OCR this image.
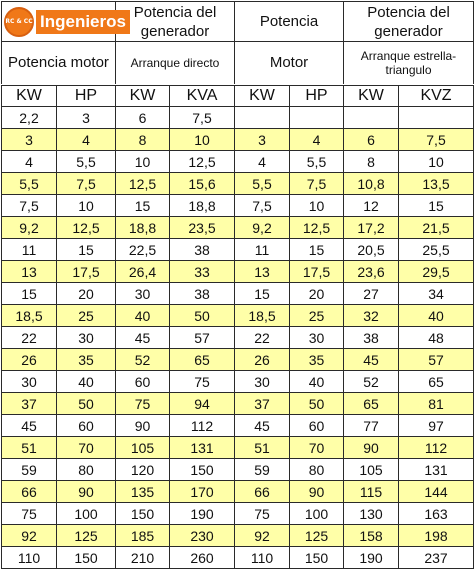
RC & CC Ingenieros		Potencia del generador		Potencia		Potencia del generador	

Potencia motor		Arranque directo		Motor		Arranque estrella-triangulo	

KW	HP	KW	KVA	KW	HP	KW	KVZ
2,2	3	6	7,5				
3	4	8	10	3	4	6	7,5
4	5,5	10	12,5	4	5,5	8	10
5,5	7,5	12,5	15,6	5,5	7,5	10,8	13,5
7,5	10	15	18,8	7,5	10	12	15
9,2	12,5	18,8	23,5	9,2	12,5	17,2	21,5
11	15	22,5	38	11	15	20,5	25,5
13	17,5	26,4	33	13	17,5	23,6	29,5
15	20	30	38	15	20	27	34
18,5	25	40	50	18,5	25	32	40
22	30	45	57	22	30	38	48
26	35	52	65	26	35	45	57
30	40	60	75	30	40	52	65
37	50	75	94	37	50	65	81
45	60	90	112	45	60	77	97
51	70	105	131	51	70	90	112
59	80	120	150	59	80	105	131
66	90	135	170	66	90	115	144
75	100	150	190	75	100	130	163
92	125	185	230	92	125	158	198
110	150	210	260	110	150	190	237
